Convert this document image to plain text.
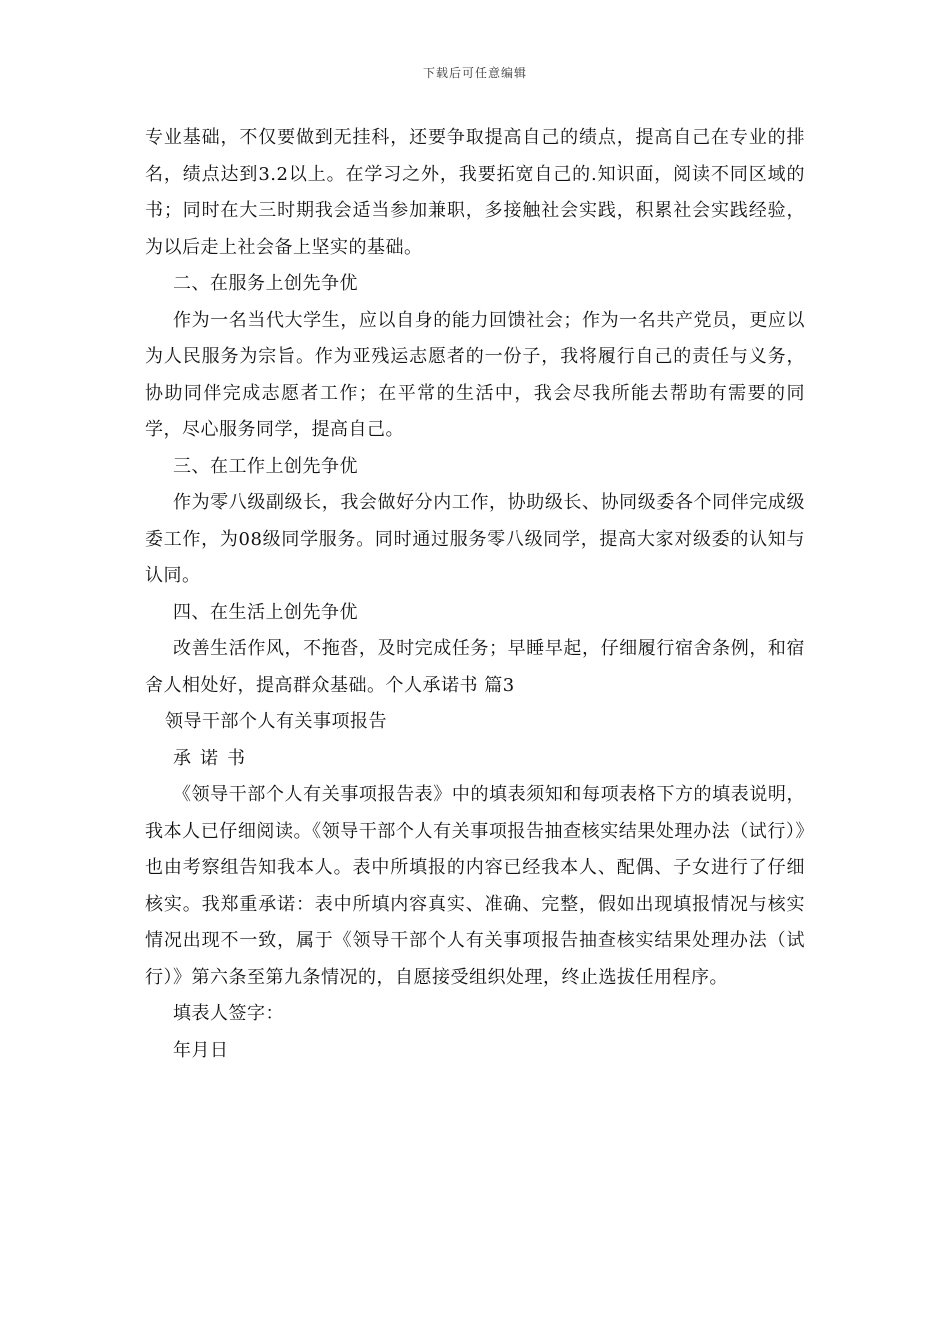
下载后可任意编辑

专业基础，不仅要做到无挂科，还要争取提高自己的绩点，提高自己在专业的排名，绩点达到3.2以上。在学习之外，我要拓宽自己的.知识面，阅读不同区域的书；同时在大三时期我会适当参加兼职，多接触社会实践，积累社会实践经验，为以后走上社会备上坚实的基础。

二、在服务上创先争优

作为一名当代大学生，应以自身的能力回馈社会；作为一名共产党员，更应以为人民服务为宗旨。作为亚残运志愿者的一份子，我将履行自己的责任与义务，协助同伴完成志愿者工作；在平常的生活中，我会尽我所能去帮助有需要的同学，尽心服务同学，提高自己。

三、在工作上创先争优

作为零八级副级长，我会做好分内工作，协助级长、协同级委各个同伴完成级委工作，为08级同学服务。同时通过服务零八级同学，提高大家对级委的认知与认同。

四、在生活上创先争优

改善生活作风，不拖沓，及时完成任务；早睡早起，仔细履行宿舍条例，和宿舍人相处好，提高群众基础。个人承诺书 篇3

领导干部个人有关事项报告

承诺书

《领导干部个人有关事项报告表》中的填表须知和每项表格下方的填表说明，我本人已仔细阅读。《领导干部个人有关事项报告抽查核实结果处理办法（试行）》也由考察组告知我本人。表中所填报的内容已经我本人、配偶、子女进行了仔细核实。我郑重承诺：表中所填内容真实、准确、完整，假如出现填报情况与核实情况出现不一致，属于《领导干部个人有关事项报告抽查核实结果处理办法（试行）》第六条至第九条情况的，自愿接受组织处理，终止选拔任用程序。

填表人签字：

年月日
